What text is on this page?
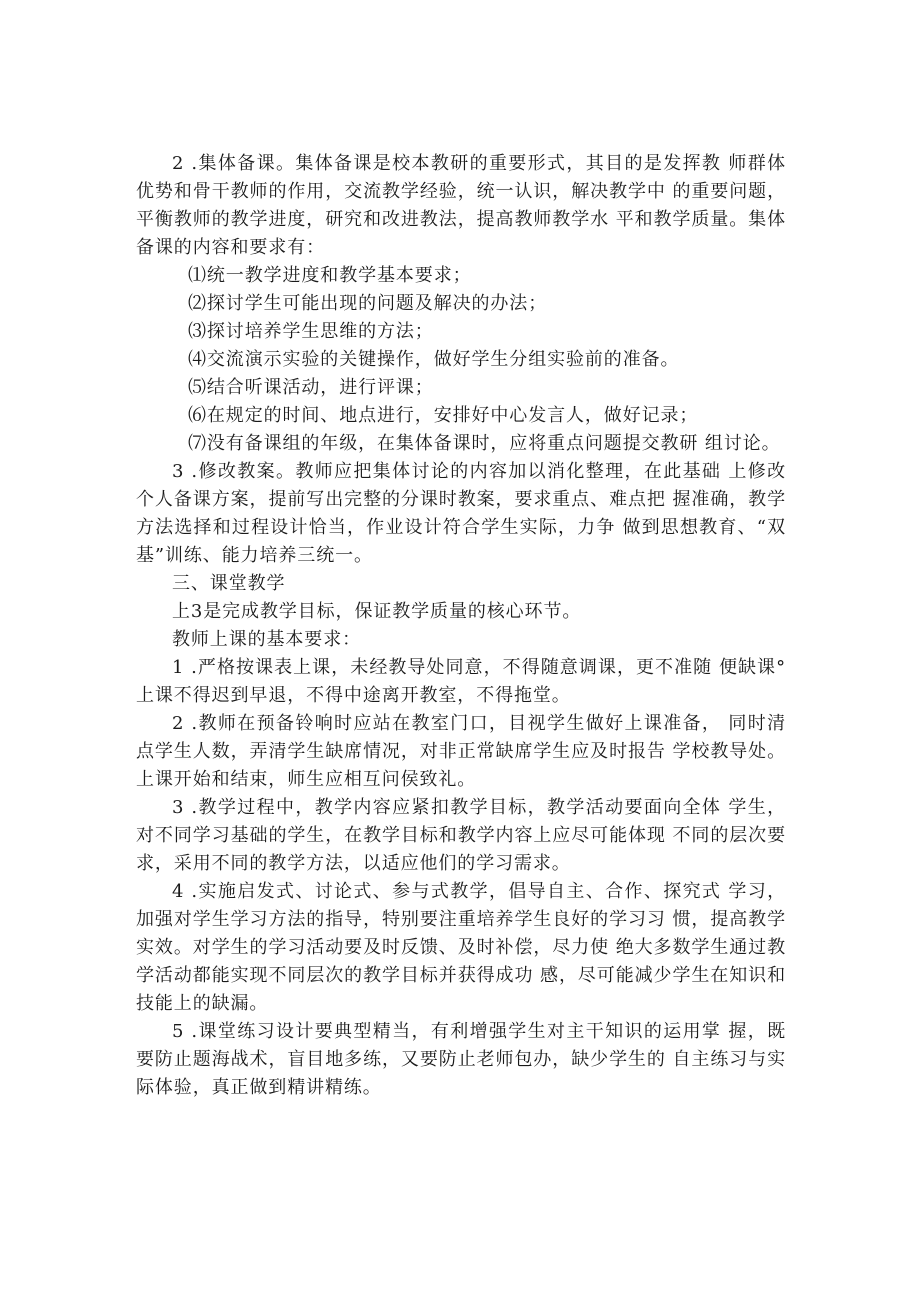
2 .集体备课。集体备课是校本教研的重要形式，其目的是发挥教 师群体优势和骨干教师的作用，交流教学经验，统一认识，解决教学中 的重要问题，平衡教师的教学进度，研究和改进教法，提高教师教学水 平和教学质量。集体备课的内容和要求有：

⑴统一教学进度和教学基本要求；

⑵探讨学生可能出现的问题及解决的办法；

⑶探讨培养学生思维的方法；

⑷交流演示实验的关键操作，做好学生分组实验前的准备。

⑸结合听课活动，进行评课；

⑹在规定的时间、地点进行，安排好中心发言人，做好记录；

⑺没有备课组的年级，在集体备课时，应将重点问题提交教研 组讨论。

3 .修改教案。教师应把集体讨论的内容加以消化整理，在此基础 上修改个人备课方案，提前写出完整的分课时教案，要求重点、难点把 握准确，教学方法选择和过程设计恰当，作业设计符合学生实际，力争 做到思想教育、“双基”训练、能力培养三统一。

三、课堂教学

上3是完成教学目标，保证教学质量的核心环节。

教师上课的基本要求：

1 .严格按课表上课，未经教导处同意，不得随意调课，更不准随 便缺课°上课不得迟到早退，不得中途离开教室，不得拖堂。

2 .教师在预备铃响时应站在教室门口，目视学生做好上课准备， 同时清点学生人数，弄清学生缺席情况，对非正常缺席学生应及时报告 学校教导处。上课开始和结束，师生应相互问侯致礼。

3 .教学过程中，教学内容应紧扣教学目标，教学活动要面向全体 学生，对不同学习基础的学生，在教学目标和教学内容上应尽可能体现 不同的层次要求，采用不同的教学方法，以适应他们的学习需求。

4 .实施启发式、讨论式、参与式教学，倡导自主、合作、探究式 学习，加强对学生学习方法的指导，特别要注重培养学生良好的学习习 惯，提高教学实效。对学生的学习活动要及时反馈、及时补偿，尽力使 绝大多数学生通过教学活动都能实现不同层次的教学目标并获得成功 感，尽可能减少学生在知识和技能上的缺漏。

5 .课堂练习设计要典型精当，有利增强学生对主干知识的运用掌 握，既要防止题海战术，盲目地多练，又要防止老师包办，缺少学生的 自主练习与实际体验，真正做到精讲精练。
